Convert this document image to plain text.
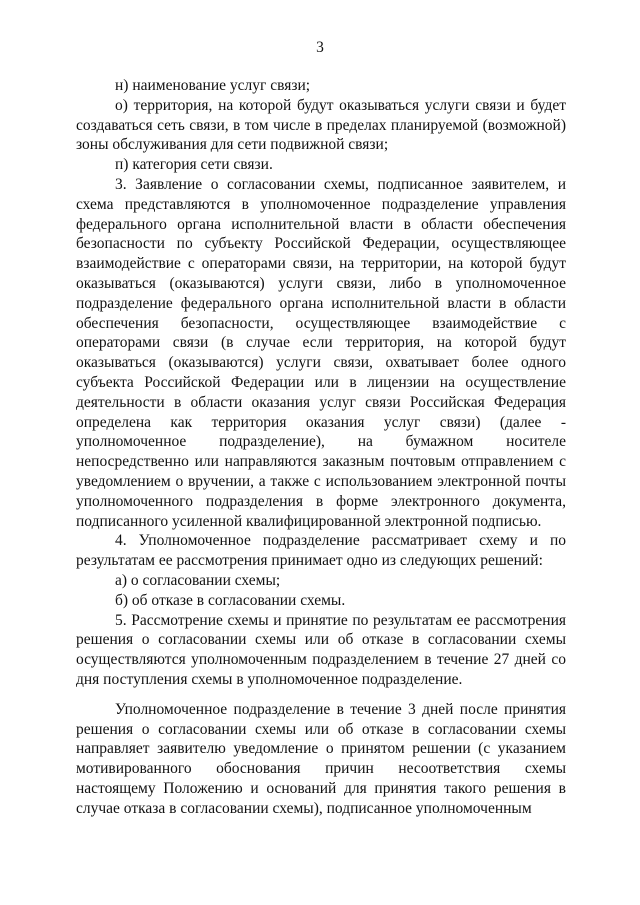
3

н) наименование услуг связи;

о) территория, на которой будут оказываться услуги связи и будет создаваться сеть связи, в том числе в пределах планируемой (возможной) зоны обслуживания для сети подвижной связи;

п) категория сети связи.

3. Заявление о согласовании схемы, подписанное заявителем, и схема представляются в уполномоченное подразделение управления федерального органа исполнительной власти в области обеспечения безопасности по субъекту Российской Федерации, осуществляющее взаимодействие с операторами связи, на территории, на которой будут оказываться (оказываются) услуги связи, либо в уполномоченное подразделение федерального органа исполнительной власти в области обеспечения безопасности, осуществляющее взаимодействие с операторами связи (в случае если территория, на которой будут оказываться (оказываются) услуги связи, охватывает более одного субъекта Российской Федерации или в лицензии на осуществление деятельности в области оказания услуг связи Российская Федерация определена как территория оказания услуг связи) (далее - уполномоченное подразделение), на бумажном носителе непосредственно или направляются заказным почтовым отправлением с уведомлением о вручении, а также с использованием электронной почты уполномоченного подразделения в форме электронного документа, подписанного усиленной квалифицированной электронной подписью.

4. Уполномоченное подразделение рассматривает схему и по результатам ее рассмотрения принимает одно из следующих решений:

а) о согласовании схемы;

б) об отказе в согласовании схемы.

5. Рассмотрение схемы и принятие по результатам ее рассмотрения решения о согласовании схемы или об отказе в согласовании схемы осуществляются уполномоченным подразделением в течение 27 дней со дня поступления схемы в уполномоченное подразделение.

Уполномоченное подразделение в течение 3 дней после принятия решения о согласовании схемы или об отказе в согласовании схемы направляет заявителю уведомление о принятом решении (с указанием мотивированного обоснования причин несоответствия схемы настоящему Положению и оснований для принятия такого решения в случае отказа в согласовании схемы), подписанное уполномоченным
